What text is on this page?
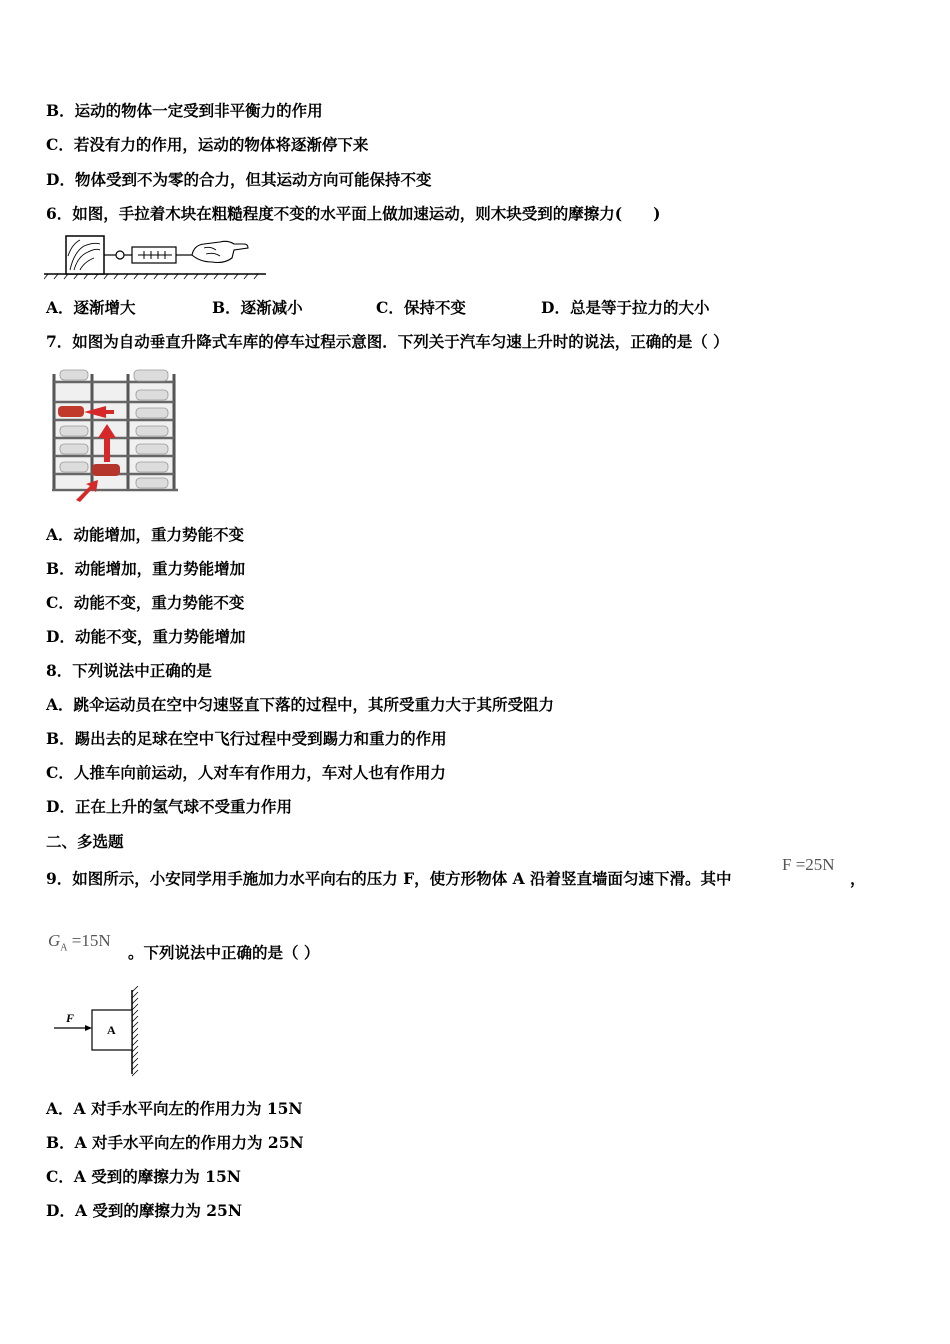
B．运动的物体一定受到非平衡力的作用
C．若没有力的作用，运动的物体将逐渐停下来
D．物体受到不为零的合力，但其运动方向可能保持不变
6．如图，手拉着木块在粗糙程度不变的水平面上做加速运动，则木块受到的摩擦力(　　)
A．逐渐增大	B．逐渐减小	C．保持不变	D．总是等于拉力的大小
7．如图为自动垂直升降式车库的停车过程示意图．下列关于汽车匀速上升时的说法，正确的是（ ）
A．动能增加，重力势能不变
B．动能增加，重力势能增加
C．动能不变，重力势能不变
D．动能不变，重力势能增加
8．下列说法中正确的是
A．跳伞运动员在空中匀速竖直下落的过程中，其所受重力大于其所受阻力
B．踢出去的足球在空中飞行过程中受到踢力和重力的作用
C．人推车向前运动，人对车有作用力，车对人也有作用力
D．正在上升的氢气球不受重力作用
二、多选题
9．如图所示，小安同学用手施加力水平向右的压力 F，使方形物体 A 沿着竖直墙面匀速下滑。其中
F =25N
，
$G_A =15N$
。下列说法中正确的是（ ）
F
A
A．A 对手水平向左的作用力为 15N
B．A 对手水平向左的作用力为 25N
C．A 受到的摩擦力为 15N
D．A 受到的摩擦力为 25N
